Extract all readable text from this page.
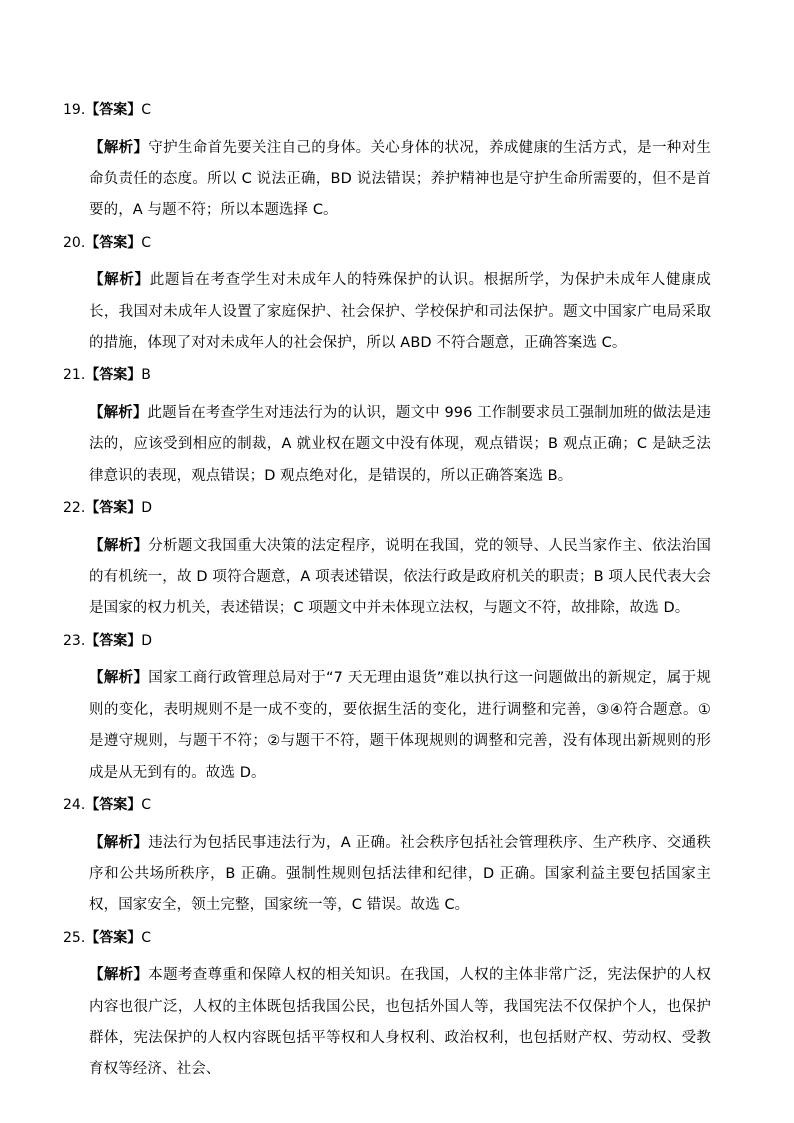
19.【答案】C
【解析】守护生命首先要关注自己的身体。关心身体的状况，养成健康的生活方式，是一种对生命负责任的态度。所以 C 说法正确，BD 说法错误；养护精神也是守护生命所需要的，但不是首要的，A 与题不符；所以本题选择 C。
20.【答案】C
【解析】此题旨在考查学生对未成年人的特殊保护的认识。根据所学，为保护未成年人健康成长，我国对未成年人设置了家庭保护、社会保护、学校保护和司法保护。题文中国家广电局采取的措施，体现了对对未成年人的社会保护，所以 ABD 不符合题意，正确答案选 C。
21.【答案】B
【解析】此题旨在考查学生对违法行为的认识，题文中 996 工作制要求员工强制加班的做法是违法的，应该受到相应的制裁，A 就业权在题文中没有体现，观点错误；B 观点正确；C 是缺乏法律意识的表现，观点错误；D 观点绝对化，是错误的，所以正确答案选 B。
22.【答案】D
【解析】分析题文我国重大决策的法定程序，说明在我国，党的领导、人民当家作主、依法治国的有机统一，故 D 项符合题意，A 项表述错误，依法行政是政府机关的职责；B 项人民代表大会是国家的权力机关，表述错误；C 项题文中并未体现立法权，与题文不符，故排除，故选 D。
23.【答案】D
【解析】国家工商行政管理总局对于“7 天无理由退货”难以执行这一问题做出的新规定，属于规则的变化，表明规则不是一成不变的，要依据生活的变化，进行调整和完善，③④符合题意。①是遵守规则，与题干不符；②与题干不符，题干体现规则的调整和完善，没有体现出新规则的形成是从无到有的。故选 D。
24.【答案】C
【解析】违法行为包括民事违法行为，A 正确。社会秩序包括社会管理秩序、生产秩序、交通秩序和公共场所秩序，B 正确。强制性规则包括法律和纪律，D 正确。国家利益主要包括国家主权，国家安全，领土完整，国家统一等，C 错误。故选 C。
25.【答案】C
【解析】本题考查尊重和保障人权的相关知识。在我国，人权的主体非常广泛，宪法保护的人权内容也很广泛，人权的主体既包括我国公民，也包括外国人等，我国宪法不仅保护个人，也保护群体，宪法保护的人权内容既包括平等权和人身权利、政治权利，也包括财产权、劳动权、受教育权等经济、社会、
